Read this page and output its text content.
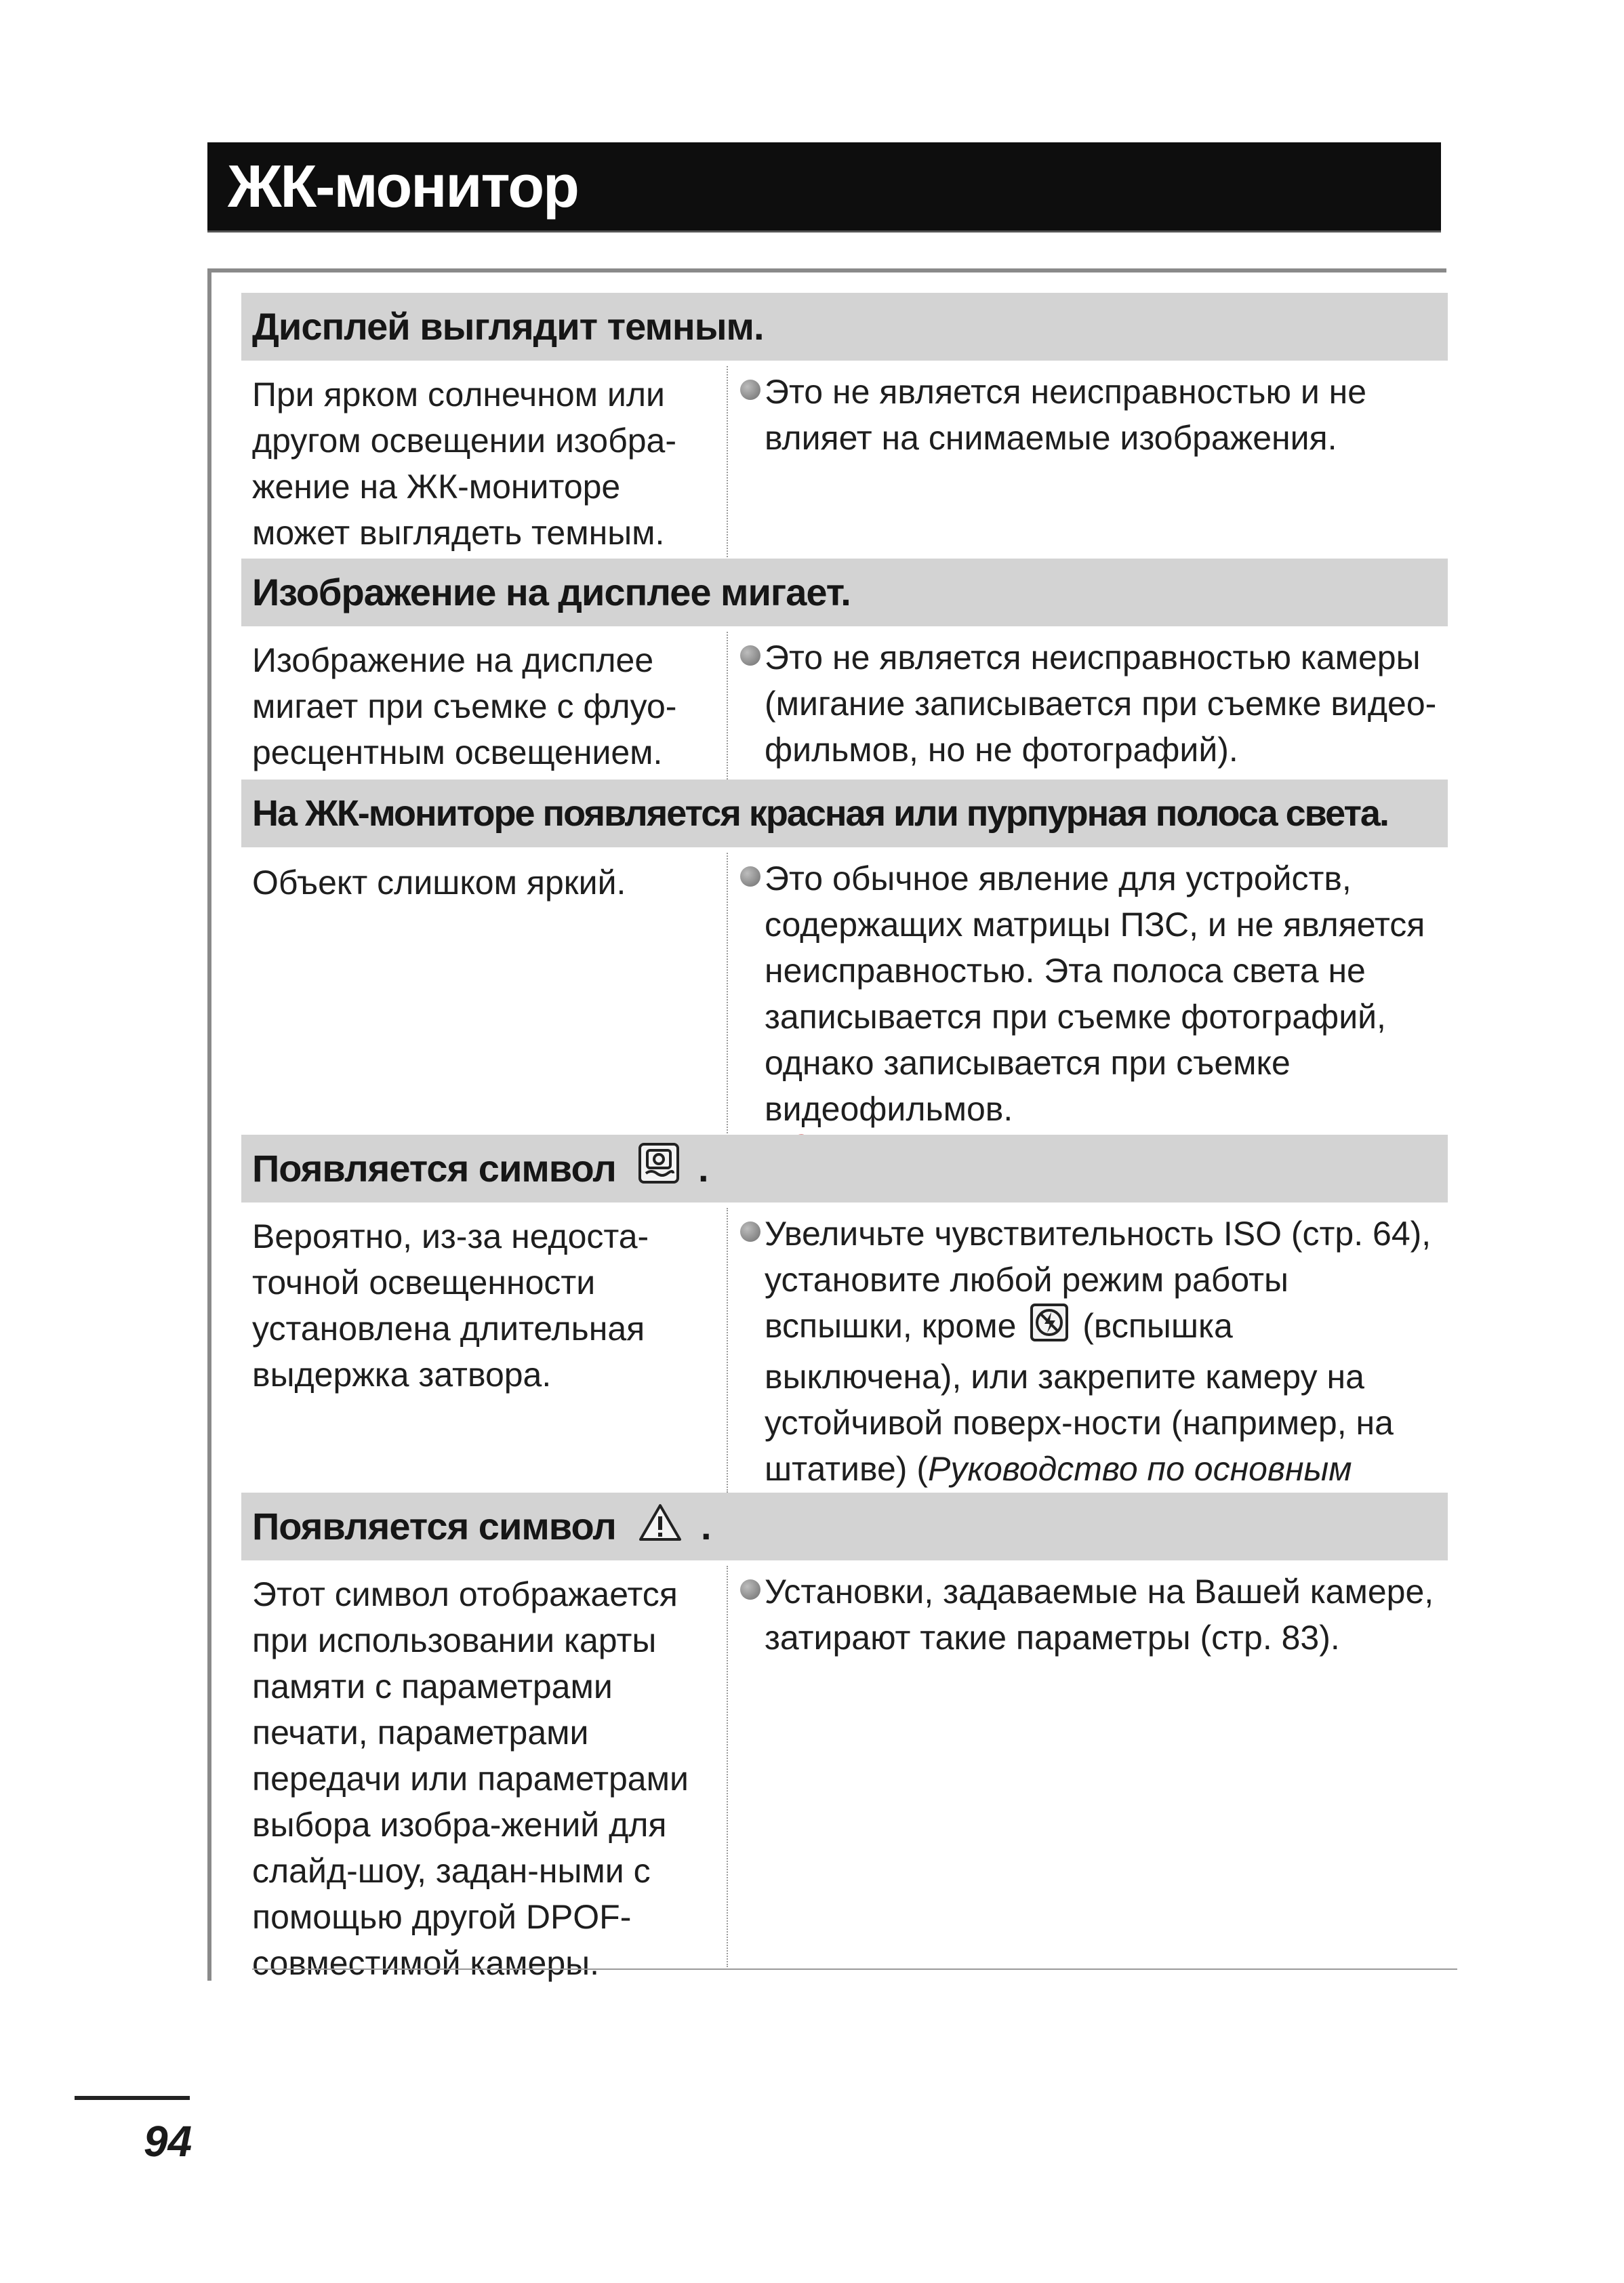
ЖК-монитор
Дисплей выглядит темным.
При ярком солнечном или другом освещении изобра-жение на ЖК-мониторе может выглядеть темным.
Это не является неисправностью и не влияет на снимаемые изображения.
Изображение на дисплее мигает.
Изображение на дисплее мигает при съемке с флуо-ресцентным освещением.
Это не является неисправностью камеры (мигание записывается при съемке видео-фильмов, но не фотографий).
На ЖК-мониторе появляется красная или пурпурная полоса света.
Объект слишком яркий.	Это обычное явление для устройств, содержащих матрицы ПЗС, и не является неисправностью. Эта полоса света не записывается при съемке фотографий, однако записывается при съемке видеофильмов.
Появляется символ .
Вероятно, из-за недоста-точной освещенности установлена длительная выдержка затвора.
Увеличьте чувствительность ISO (стр. 64), установите любой режим работы вспышки, кроме (вспышка выключена), или закрепите камеру на устойчивой поверх-ности (например, на штативе) (Руководство по основным
Появляется символ .
Этот символ отображается при использовании карты памяти с параметрами печати, параметрами передачи или параметрами выбора изобра-жений для слайд-шоу, задан-ными с помощью другой DPOF-совместимой камеры.
Установки, задаваемые на Вашей камере, затирают такие параметры (стр. 83).
94
